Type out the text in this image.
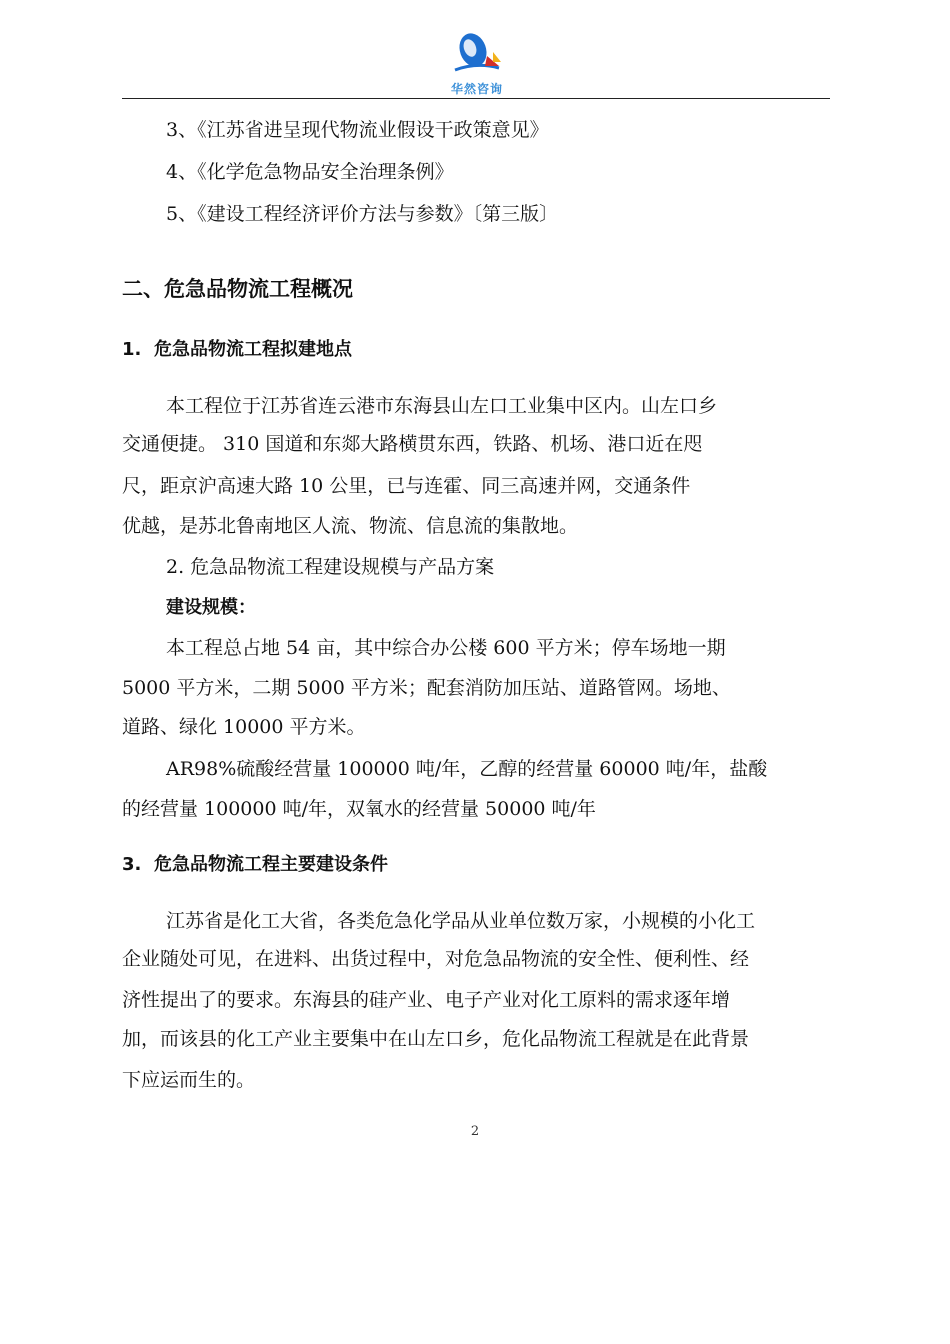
华然咨询
3、《江苏省进呈现代物流业假设干政策意见》
4、《化学危急物品安全治理条例》
5、《建设工程经济评价方法与参数》〔第三版〕
二、危急品物流工程概况
1. 危急品物流工程拟建地点
本工程位于江苏省连云港市东海县山左口工业集中区内。山左口乡
交通便捷。 310 国道和东郯大路横贯东西，铁路、机场、港口近在咫
尺，距京沪高速大路 10 公里，已与连霍、同三高速并网，交通条件
优越，是苏北鲁南地区人流、物流、信息流的集散地。
2. 危急品物流工程建设规模与产品方案
建设规模：
本工程总占地 54 亩，其中综合办公楼 600 平方米；停车场地一期
5000 平方米，二期 5000 平方米；配套消防加压站、道路管网。场地、
道路、绿化 10000 平方米。
AR98%硫酸经营量 100000 吨/年，乙醇的经营量 60000 吨/年，盐酸
的经营量 100000 吨/年，双氧水的经营量 50000 吨/年
3. 危急品物流工程主要建设条件
江苏省是化工大省，各类危急化学品从业单位数万家，小规模的小化工
企业随处可见，在进料、出货过程中，对危急品物流的安全性、便利性、经
济性提出了的要求。东海县的硅产业、电子产业对化工原料的需求逐年增
加，而该县的化工产业主要集中在山左口乡，危化品物流工程就是在此背景
下应运而生的。
2
